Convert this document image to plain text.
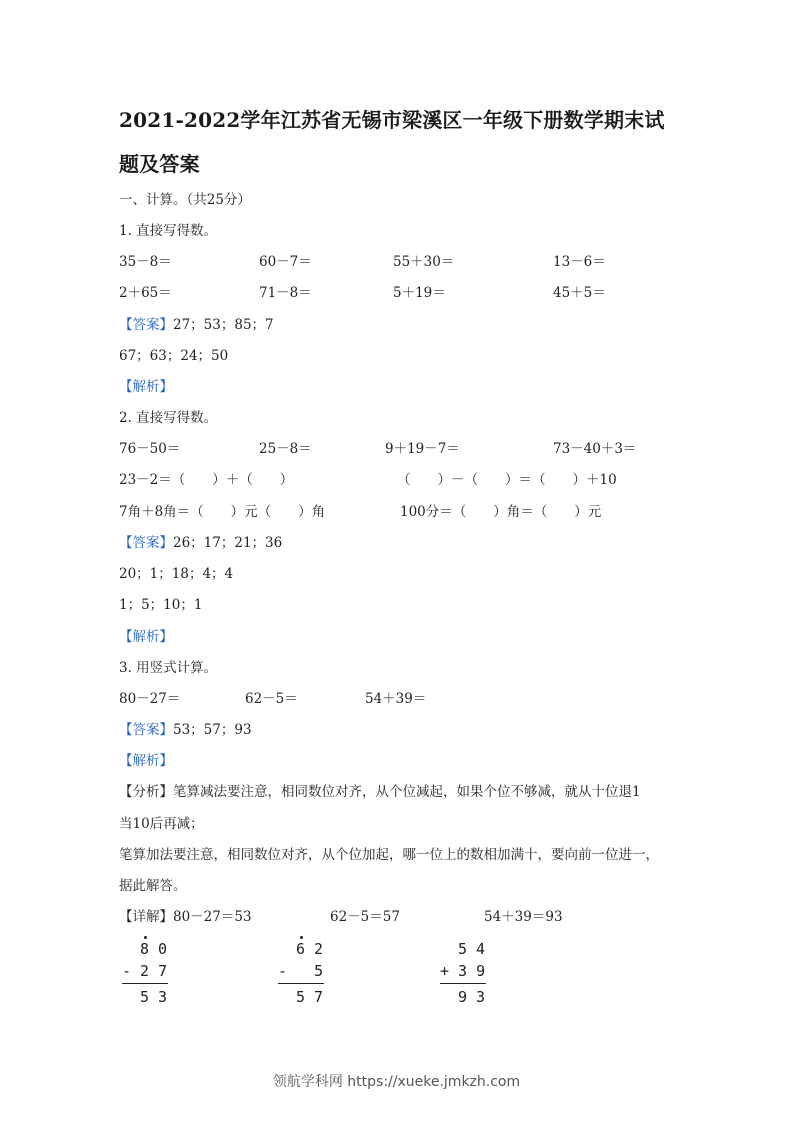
2021-2022学年江苏省无锡市梁溪区一年级下册数学期末试
题及答案
一、计算。（共25分）
1. 直接写得数。
35－8＝	60－7＝	55＋30＝	13－6＝
2＋65＝	71－8＝	5＋19＝	45＋5＝
【答案】27；53；85；7
67；63；24；50
【解析】
2. 直接写得数。
76－50＝	25－8＝	9＋19－7＝	73－40＋3＝
23－2＝（　　）＋（　　）	（　　）－（　　）＝（　　）＋10
7角＋8角＝（　　）元（　　）角	100分＝（　　）角＝（　　）元
【答案】26；17；21；36
20；1；18；4；4
1；5；10；1
【解析】
3. 用竖式计算。
80－27＝	62－5＝	54＋39＝
【答案】53；57；93
【解析】
【分析】笔算减法要注意，相同数位对齐，从个位减起，如果个位不够减，就从十位退1
当10后再减；
笔算加法要注意，相同数位对齐，从个位加起，哪一位上的数相加满十，要向前一位进一，
据此解答。
【详解】80－27＝53	62－5＝57	54＋39＝93
8 0
- 2 7
5 3
6 2
-   5
5 7
5 4
+ 3 9
9 3
领航学科网 https://xueke.jmkzh.com
